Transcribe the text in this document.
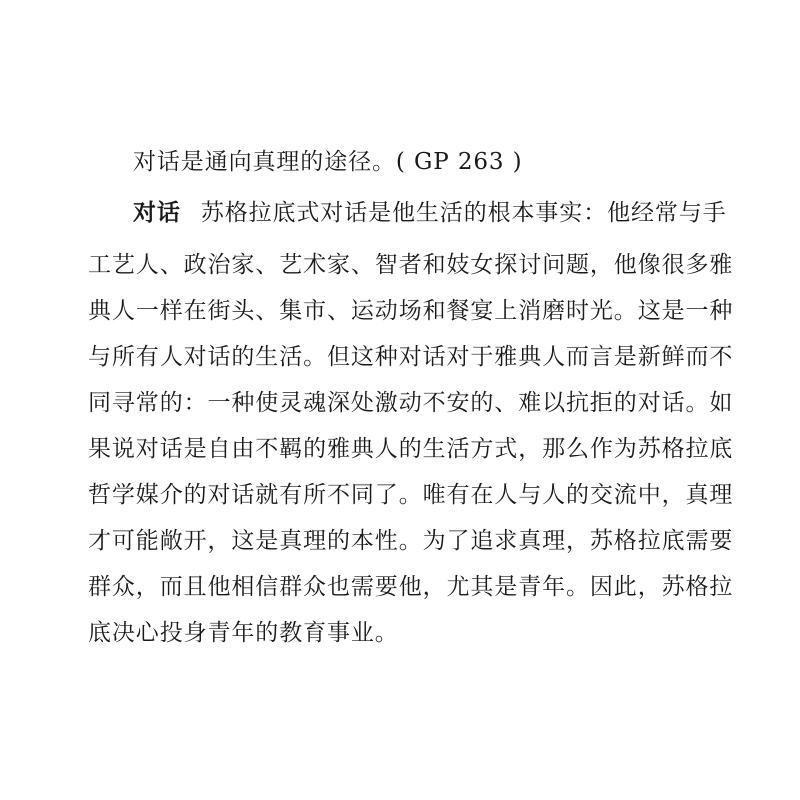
对话是通向真理的途径。( GP 263 )
对话 苏格拉底式对话是他生活的根本事实：他经常与手
工艺人、政治家、艺术家、智者和妓女探讨问题，他像很多雅
典人一样在街头、集市、运动场和餐宴上消磨时光。这是一种
与所有人对话的生活。但这种对话对于雅典人而言是新鲜而不
同寻常的：一种使灵魂深处激动不安的、难以抗拒的对话。如
果说对话是自由不羁的雅典人的生活方式，那么作为苏格拉底
哲学媒介的对话就有所不同了。唯有在人与人的交流中，真理
才可能敞开，这是真理的本性。为了追求真理，苏格拉底需要
群众，而且他相信群众也需要他，尤其是青年。因此，苏格拉
底决心投身青年的教育事业。
